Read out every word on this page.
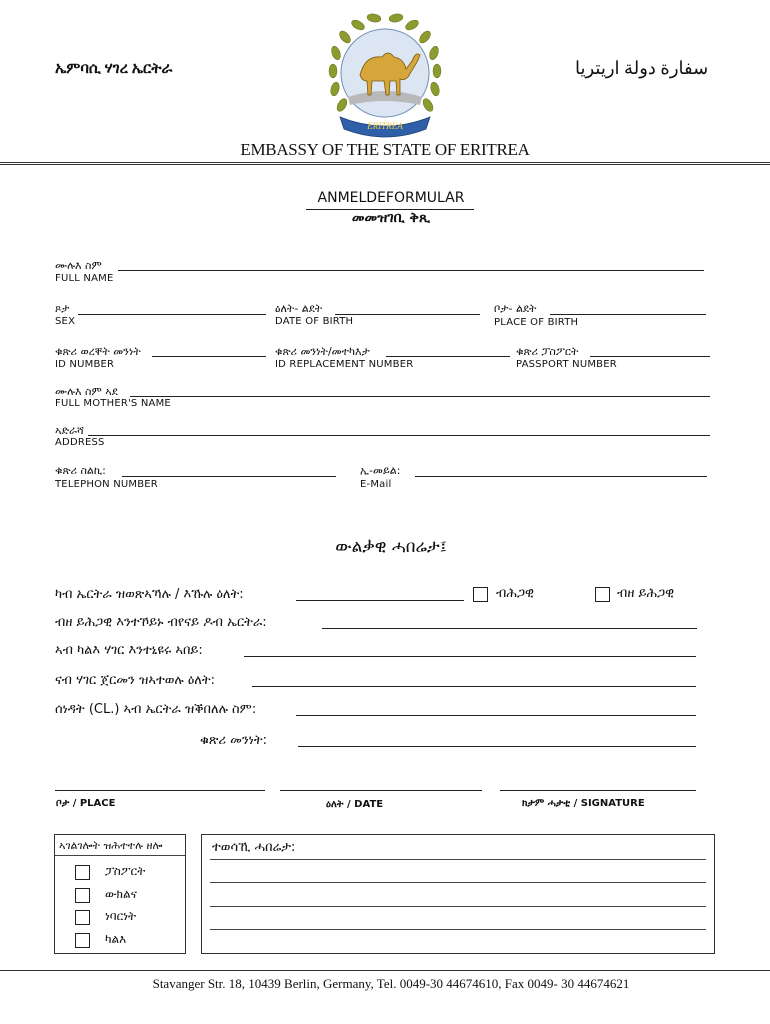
ኤምባሲ ሃገረ ኤርትራ	سفارة دولة اريتريا
ERITREA
EMBASSY OF THE STATE OF ERITREA
ANMELDEFORMULAR
መመዝገቢ ቅጺ
ሙሉእ ስም
FULL NAME
ጾታ
SEX
ዕለት- ልደት
DATE OF BIRTH
ቦታ- ልደት
PLACE OF BIRTH
ቁጽሪ ወረቐት መንነት
ID NUMBER
ቁጽሪ መንነት/መተካእታ
ID REPLACEMENT NUMBER
ቁጽሪ ፓስፖርት
PASSPORT NUMBER
ሙሉእ ስም ኣደ
FULL MOTHER'S NAME
ኣድራሻ
ADDRESS
ቁጽሪ ስልኪ:
TELEPHON NUMBER
ኢ-መይል:
E-Mail
ውልቃዊ ሓበሬታ፤
ካብ ኤርትራ ዝወጽኣኻሉ / እኹሉ ዕለት:	ብሕጋዊ	ብዘ ይሕጋዊ
ብዘ ይሕጋዊ እንተኾይኑ ብየናይ ዶብ ኤርትራ:
ኣብ ካልእ ሃገር እንተኒዩሩ ኣበይ:
ናብ ሃገር ጀርመን ዝኣተወሉ ዕለት:
ሰነዳት (CL.) ኣብ ኤርትራ ዝቕበለሉ ስም:
ቁጽሪ መንነት:
ቦታ / PLACE	ዕለት / DATE	ክታም ሓታቲ / SIGNATURE
ኣገልገሎት ዝሕተተሉ ዘሎ
ፓስፖርት
ውክልና
ነባርነት
ካልእ
ተወሳኺ ሓበሬታ:
Stavanger Str. 18, 10439 Berlin, Germany, Tel. 0049-30 44674610, Fax 0049- 30 44674621
